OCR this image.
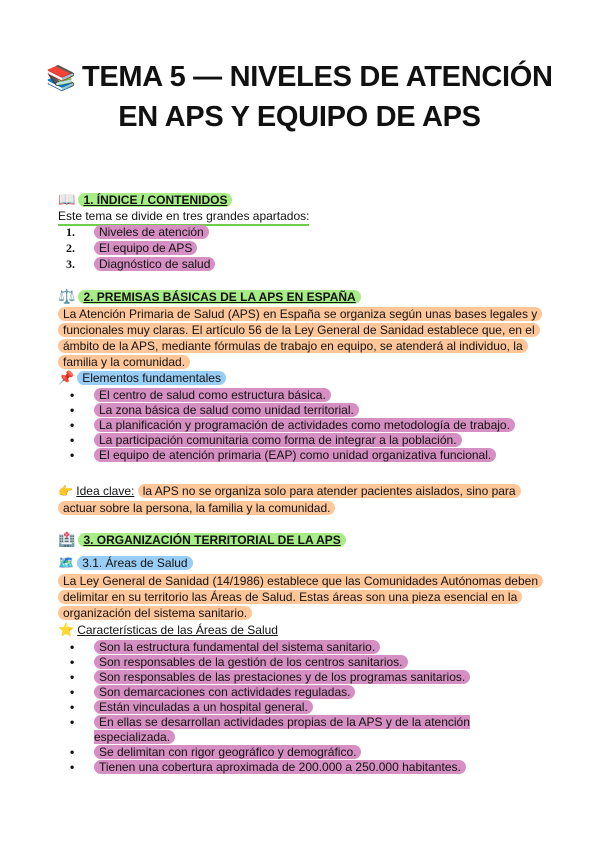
📚 TEMA 5 — NIVELES DE ATENCIÓN EN APS Y EQUIPO DE APS
📖 1. ÍNDICE / CONTENIDOS
Este tema se divide en tres grandes apartados:
1. Niveles de atención
2. El equipo de APS
3. Diagnóstico de salud
⚖️ 2. PREMISAS BÁSICAS DE LA APS EN ESPAÑA
La Atención Primaria de Salud (APS) en España se organiza según unas bases legales y funcionales muy claras. El artículo 56 de la Ley General de Sanidad establece que, en el ámbito de la APS, mediante fórmulas de trabajo en equipo, se atenderá al individuo, la familia y la comunidad.
📌 Elementos fundamentales
• El centro de salud como estructura básica.
• La zona básica de salud como unidad territorial.
• La planificación y programación de actividades como metodología de trabajo.
• La participación comunitaria como forma de integrar a la población.
• El equipo de atención primaria (EAP) como unidad organizativa funcional.
👉 Idea clave: la APS no se organiza solo para atender pacientes aislados, sino para actuar sobre la persona, la familia y la comunidad.
🏥 3. ORGANIZACIÓN TERRITORIAL DE LA APS
🗺️ 3.1. Áreas de Salud
La Ley General de Sanidad (14/1986) establece que las Comunidades Autónomas deben delimitar en su territorio las Áreas de Salud. Estas áreas son una pieza esencial en la organización del sistema sanitario.
⭐ Características de las Áreas de Salud
• Son la estructura fundamental del sistema sanitario.
• Son responsables de la gestión de los centros sanitarios.
• Son responsables de las prestaciones y de los programas sanitarios.
• Son demarcaciones con actividades reguladas.
• Están vinculadas a un hospital general.
• En ellas se desarrollan actividades propias de la APS y de la atención especializada.
• Se delimitan con rigor geográfico y demográfico.
• Tienen una cobertura aproximada de 200.000 a 250.000 habitantes.
